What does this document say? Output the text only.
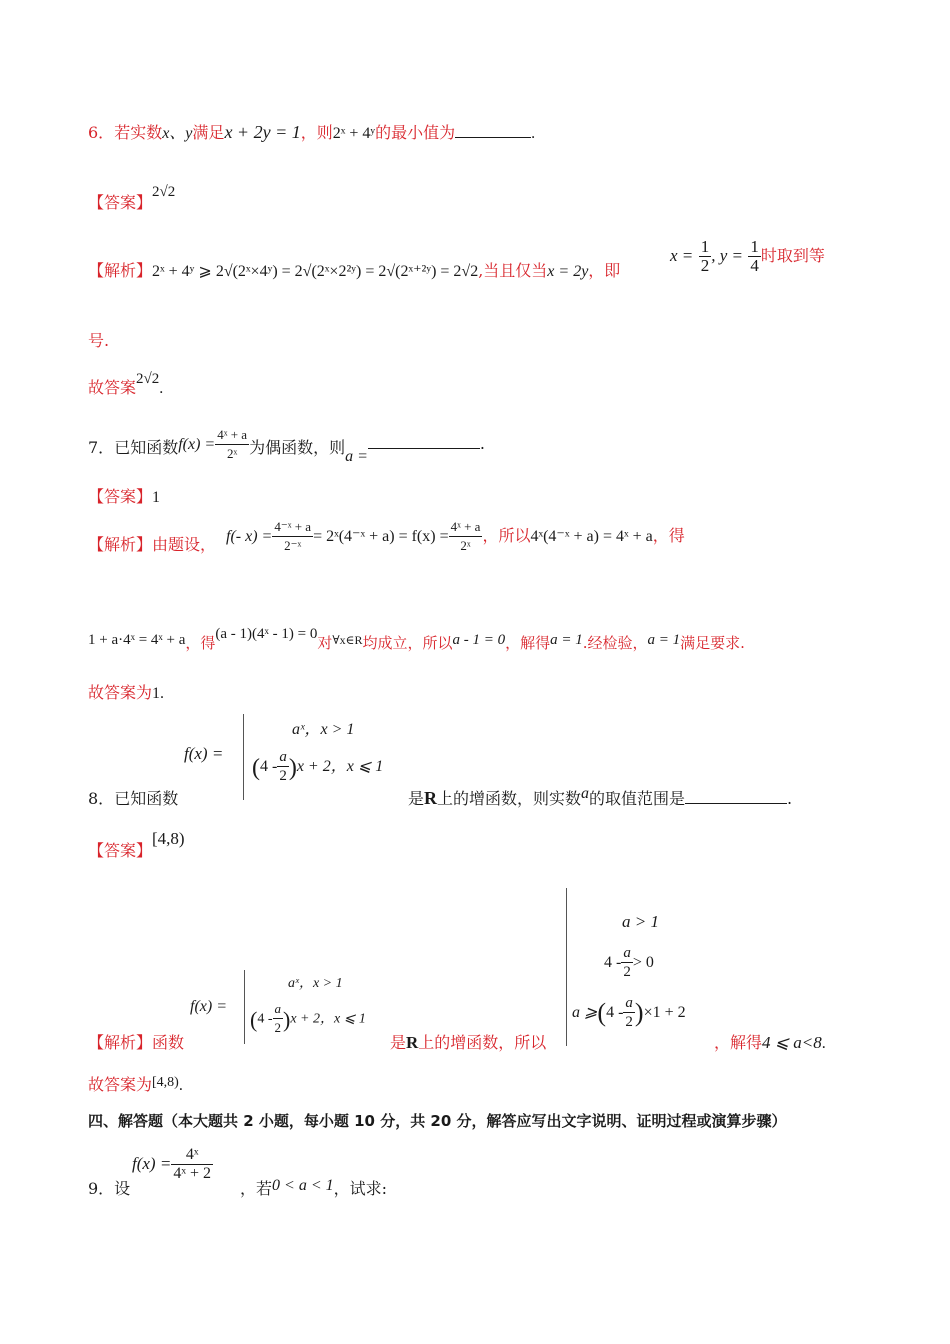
6．若实数x、y满足x + 2y = 1，则2ˣ + 4ʸ的最小值为	.
【答案】2√2
【解析】2ˣ + 4ʸ ⩾ 2√(2ˣ×4ʸ) = 2√(2ˣ×2²ʸ) = 2√(2ˣ⁺²ʸ) = 2√2,当且仅当x = 2y，即
$x = \frac{1}{2}$ , $y = \frac{1}{4}$ 时取到等
号.
故答案2√2.
7．已知函数$f(x) = \frac{\text{4ˣ + a}}{\text{2ˣ}}$ 为偶函数，则a =.
【答案】1
【解析】由题设， f(- $x) = \frac{\text{4⁻ˣ + a}}{\text{2⁻ˣ}}$ = 2ˣ(4⁻ˣ + $a) = f(x) = \frac{\text{4ˣ + a}}{\text{2ˣ}}$ ，所以4ˣ(4⁻ˣ + a) = 4ˣ + a，得
1 + a·4ˣ = 4ˣ + a，得(a - 1)(4ˣ - 1) = 0对∀x∈R均成立，所以a - 1 = 0，解得a = 1.经检验，a = 1满足要求.
故答案为1.
8．已知函数
f(x) =
aˣ，x > 1
$(4 - \frac{a}{2} )x + 2$，x ⩽ 1
是R上的增函数，则实数a的取值范围是	.
【答案】[4,8)
【解析】函数
f(x) =
aˣ，x > 1
$(4 - \frac{a}{2} )x + 2$，x ⩽ 1
是R上的增函数，所以
a > 1
$4 - \frac{a}{2} > 0$
a ⩾(4 - $\frac{a}{2} )\times 1 + 2$
，解得4 ⩽ a<8.
故答案为[4,8).
四、解答题（本大题共 2 小题，每小题 10 分，共 20 分，解答应写出文字说明、证明过程或演算步骤）
9．设
$f(x) = \frac{\text{4ˣ}}{\text{4ˣ + 2}}$
，若0 < a < 1，试求:
